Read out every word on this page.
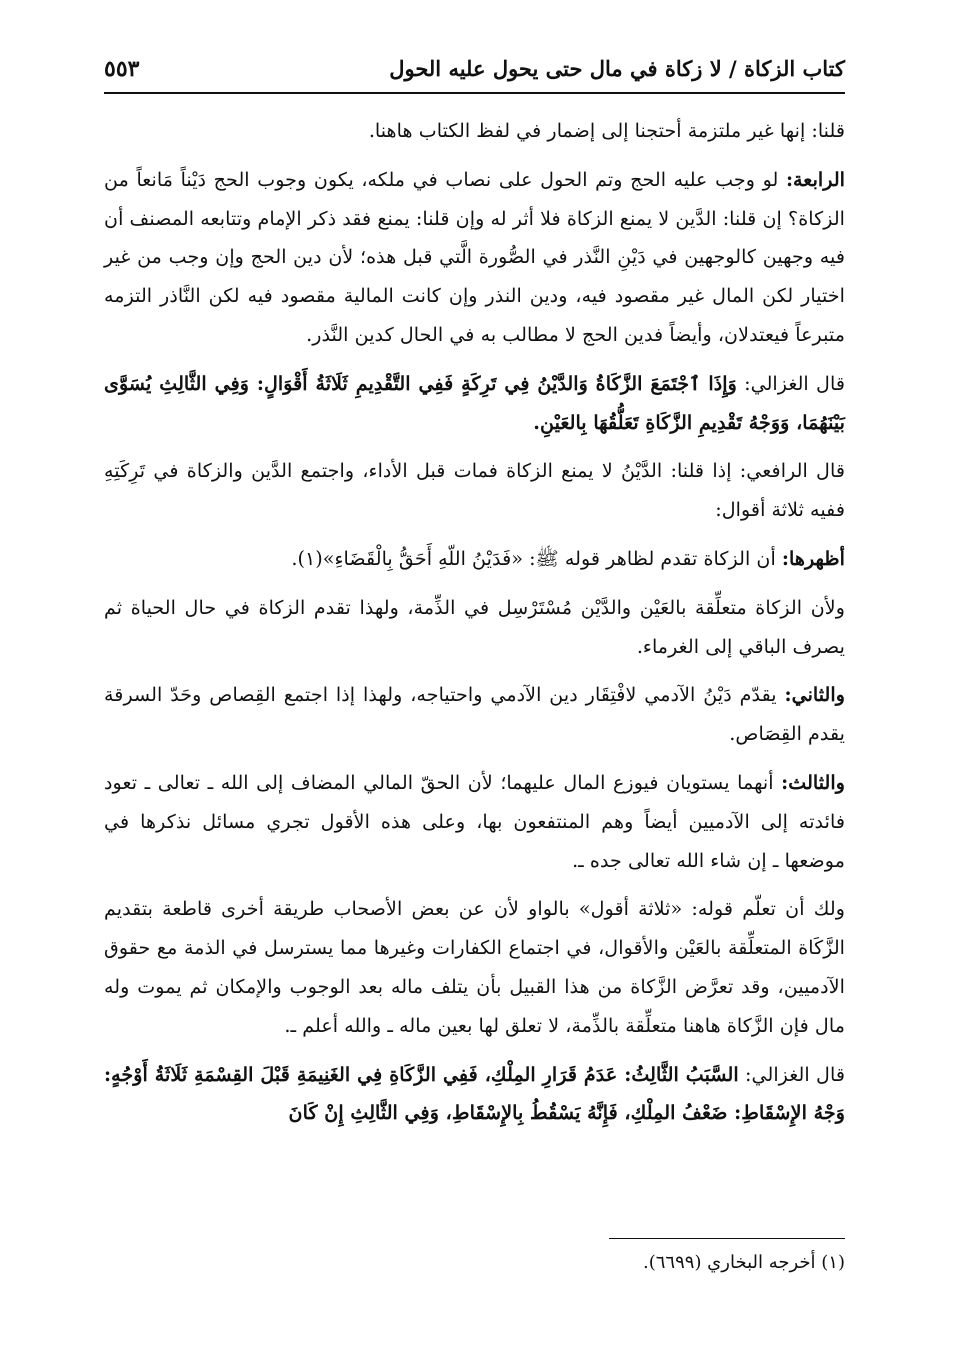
كتاب الزكاة / لا زكاة في مال حتى يحول عليه الحول
٥٥٣

قلنا: إنها غير ملتزمة أحتجنا إلى إضمار في لفظ الكتاب هاهنا.

الرابعة: لو وجب عليه الحج وتم الحول على نصاب في ملكه، يكون وجوب الحج دَيْناً مَانعاً من الزكاة؟ إن قلنا: الدَّين لا يمنع الزكاة فلا أثر له وإن قلنا: يمنع فقد ذكر الإمام وتتابعه المصنف أن فيه وجهين كالوجهين في دَيْنِ النَّذر في الصُّورة الَّتي قبل هذه؛ لأن دين الحج وإن وجب من غير اختيار لكن المال غير مقصود فيه، ودين النذر وإن كانت المالية مقصود فيه لكن النَّاذر التزمه متبرعاً فيعتدلان، وأيضاً فدين الحج لا مطالب به في الحال كدين النَّذر.

قال الغزالي: وَإِذَا ٱجْتَمَعَ الزَّكَاةُ وَالدَّيْنُ فِي تَرِكَةٍ فَفِي التَّقْدِيمِ ثَلَاثَةُ أَقْوَالٍ: وَفِي الثَّالِثِ يُسَوَّى بَيْنَهُمَا، وَوَجْهُ تَقْدِيمِ الزَّكَاةِ تَعَلُّقُهَا بِالعَيْنِ.

قال الرافعي: إذا قلنا: الدَّيْنُ لا يمنع الزكاة فمات قبل الأداء، واجتمع الدَّين والزكاة في تَرِكَتِهِ ففيه ثلاثة أقوال:

أظهرها: أن الزكاة تقدم لظاهر قوله ﷺ: «فَدَيْنُ اللّهِ أَحَقُّ بِالْقَضَاءِ»(١).

ولأن الزكاة متعلِّقة بالعَيْن والدَّيْن مُسْتَرْسِل في الذِّمة، ولهذا تقدم الزكاة في حال الحياة ثم يصرف الباقي إلى الغرماء.

والثاني: يقدّم دَيْنُ الآدمي لافْتِقَار دين الآدمي واحتياجه، ولهذا إذا اجتمع القِصاص وحَدّ السرقة يقدم القِصَاص.

والثالث: أنهما يستويان فيوزع المال عليهما؛ لأن الحقّ المالي المضاف إلى الله ـ تعالى ـ تعود فائدته إلى الآدميين أيضاً وهم المنتفعون بها، وعلى هذه الأقول تجري مسائل نذكرها في موضعها ـ إن شاء الله تعالى جده ـ.

ولك أن تعلّم قوله: «ثلاثة أقول» بالواو لأن عن بعض الأصحاب طريقة أخرى قاطعة بتقديم الزَّكَاة المتعلِّقة بالعَيْن والأقوال، في اجتماع الكفارات وغيرها مما يسترسل في الذمة مع حقوق الآدميين، وقد تعرَّض الزَّكاة من هذا القبيل بأن يتلف ماله بعد الوجوب والإمكان ثم يموت وله مال فإن الزَّكاة هاهنا متعلِّقة بالذِّمة، لا تعلق لها بعين ماله ـ والله أعلم ـ.

قال الغزالي: السَّبَبُ الثَّالِثُ: عَدَمُ قَرَارِ المِلْكِ، فَفِي الزَّكَاةِ فِي الغَنِيمَةِ قَبْلَ القِسْمَةِ ثَلَاثَةُ أَوْجُهٍ: وَجْهُ الإِسْقَاطِ: ضَعْفُ المِلْكِ، فَإِنَّهُ يَسْقُطُ بِالإِسْقَاطِ، وَفِي الثَّالِثِ إِنْ كَانَ

(١) أخرجه البخاري (٦٦٩٩).
